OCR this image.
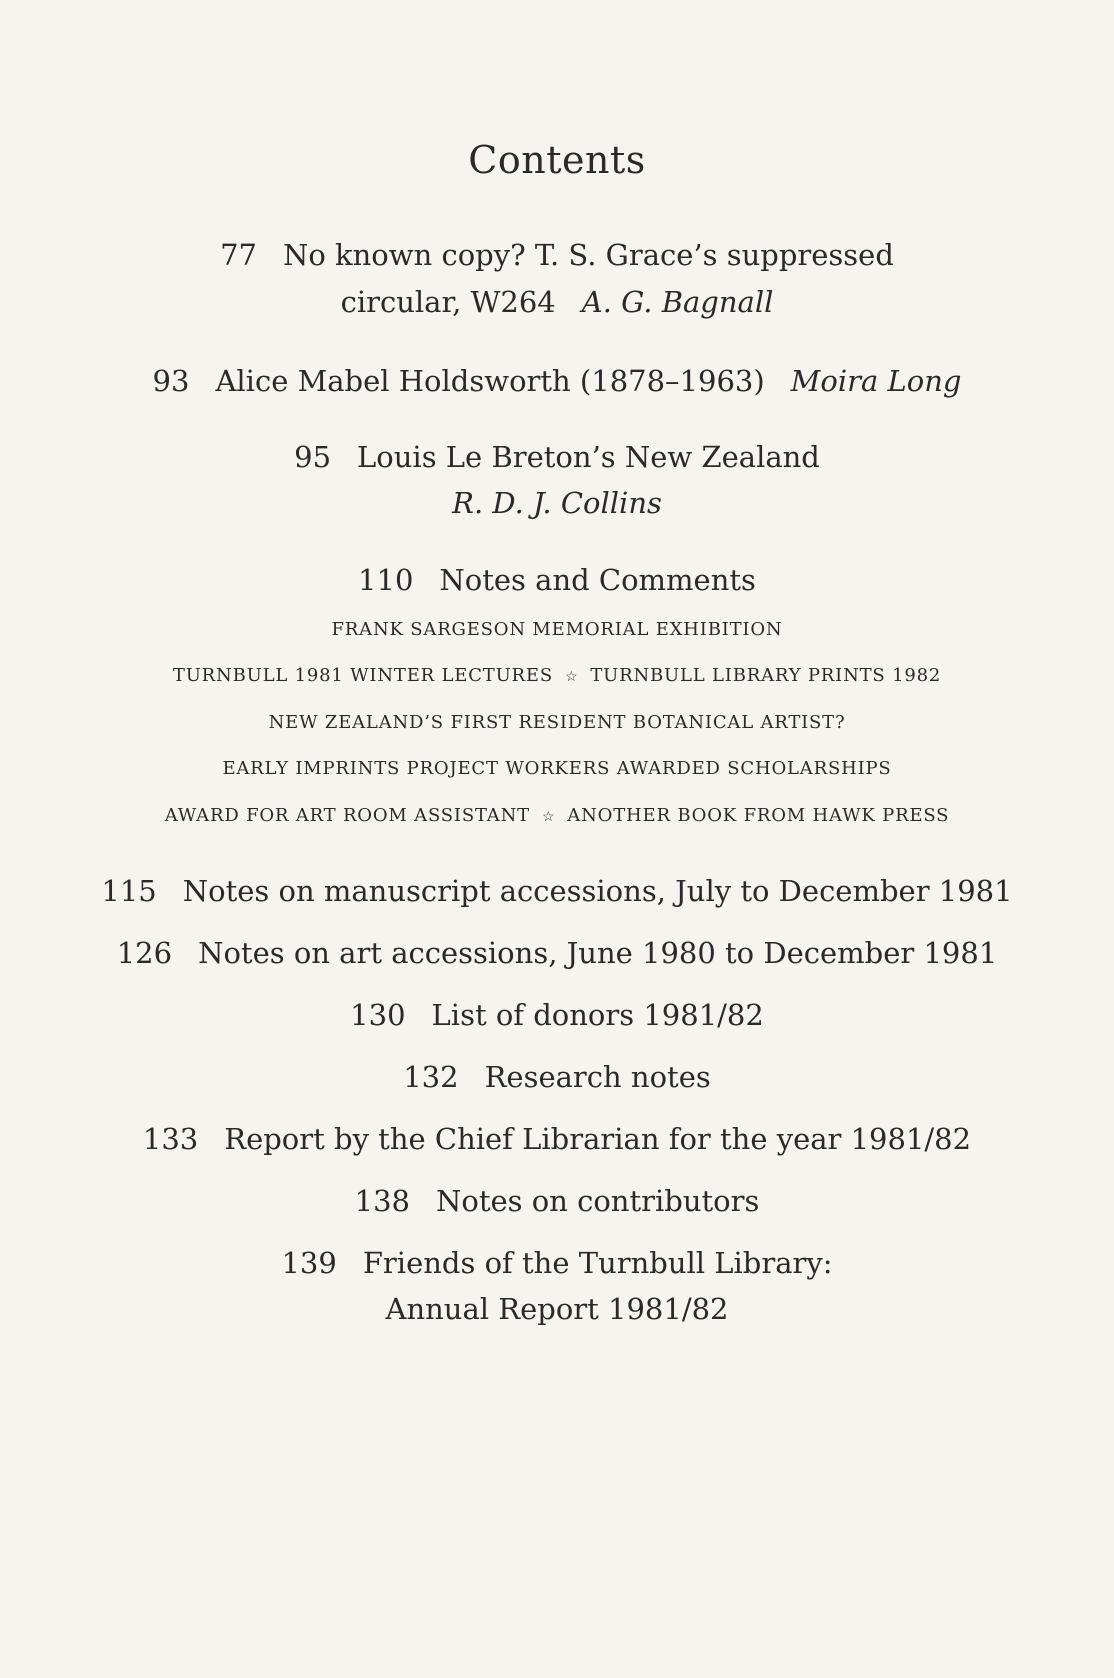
Contents
77 No known copy? T. S. Grace’s suppressed
circular, W264 A. G. Bagnall
93 Alice Mabel Holdsworth (1878–1963) Moira Long
95 Louis Le Breton’s New Zealand
R. D. J. Collins
110 Notes and Comments
FRANK SARGESON MEMORIAL EXHIBITION
TURNBULL 1981 WINTER LECTURES ☆ TURNBULL LIBRARY PRINTS 1982
NEW ZEALAND’S FIRST RESIDENT BOTANICAL ARTIST?
EARLY IMPRINTS PROJECT WORKERS AWARDED SCHOLARSHIPS
AWARD FOR ART ROOM ASSISTANT ☆ ANOTHER BOOK FROM HAWK PRESS
115 Notes on manuscript accessions, July to December 1981
126 Notes on art accessions, June 1980 to December 1981
130 List of donors 1981/82
132 Research notes
133 Report by the Chief Librarian for the year 1981/82
138 Notes on contributors
139 Friends of the Turnbull Library:
Annual Report 1981/82
